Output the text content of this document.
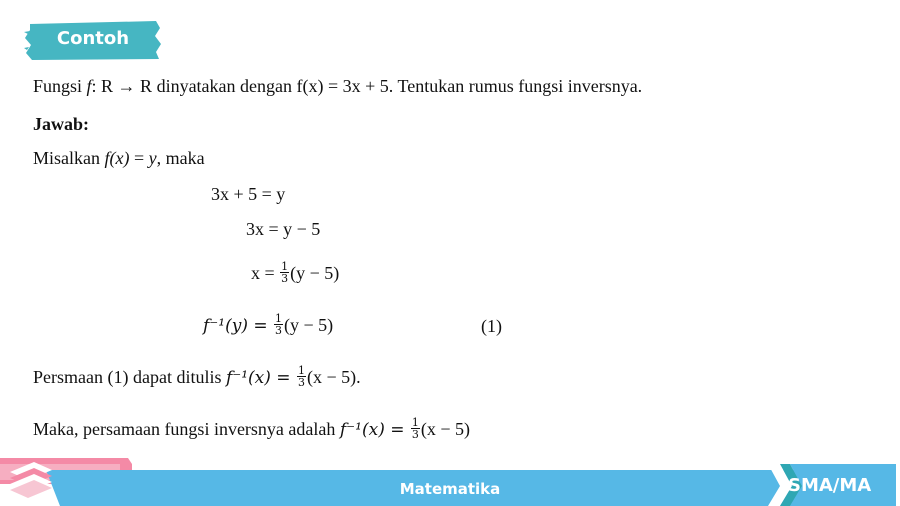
Contoh
Fungsi f: R → R dinyatakan dengan f(x) = 3x + 5. Tentukan rumus fungsi inversnya.
Jawab:
Misalkan f(x) = y, maka
3x + 5 = y
3x = y − 5
$x = \frac{1}{3} (y - 5)$
$f^{-1}(y) = \frac{1}{3} (y - 5)$	(1)
Persmaan (1) dapat ditulis $f^{-1}(x) = \frac{1}{3} (x - 5)$.
Maka, persamaan fungsi inversnya adalah $f^{-1}(x) = \frac{1}{3} (x - 5)$
Matematika	SMA/MA
